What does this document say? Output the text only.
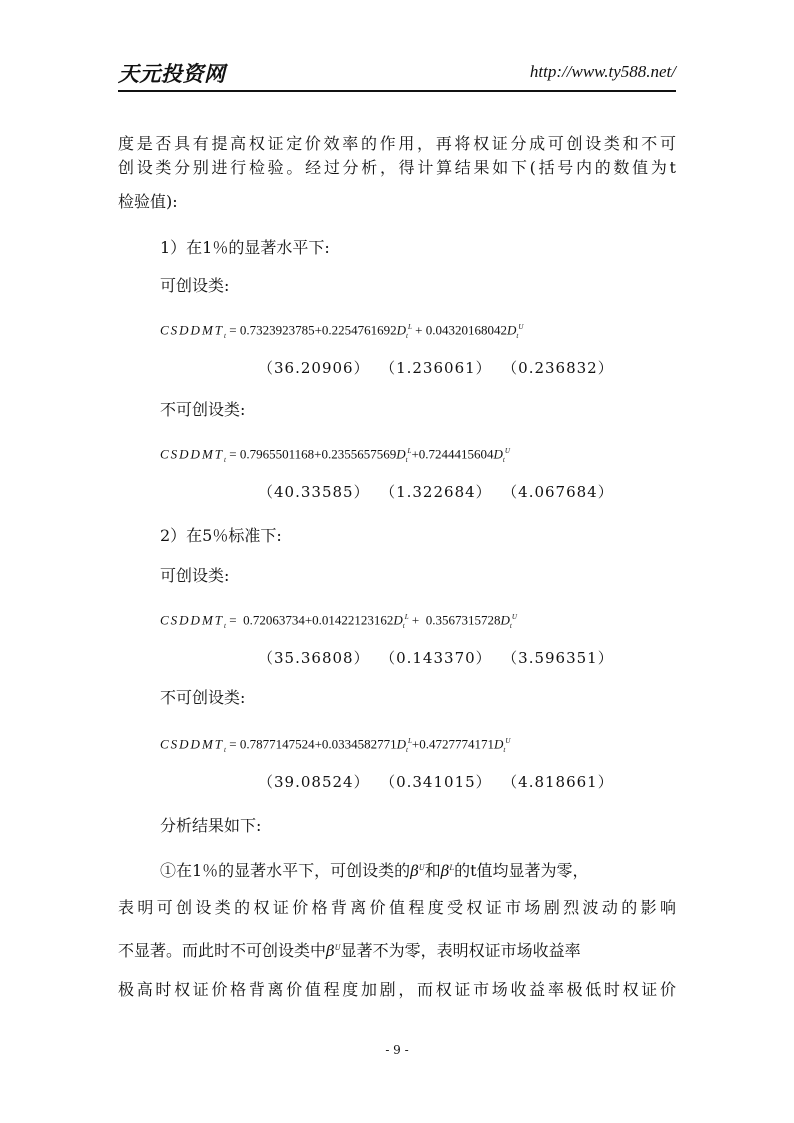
天元投资网	http://www.ty588.net/
度是否具有提高权证定价效率的作用，再将权证分成可创设类和不可
创设类分别进行检验。经过分析，得计算结果如下(括号内的数值为t
检验值):
1）在1％的显著水平下:
可创设类:
$CSDDMT_t = 0.7323923785+0.2254761692D_t^L + 0.04320168042D_t^U$
（36.20906） （1.236061） （0.236832）
不可创设类:
$CSDDMT_t = 0.7965501168+0.2355657569D_t^L+0.7244415604D_t^U$
（40.33585） （1.322684） （4.067684）
2）在5％标准下:
可创设类:
$CSDDMT_t = 0.72063734+0.01422123162D_t^L + 0.3567315728D_t^U$
（35.36808） （0.143370） （3.596351）
不可创设类:
$CSDDMT_t = 0.7877147524+0.0334582771D_t^L+0.4727774171D_t^U$
（39.08524） （0.341015） （4.818661）
分析结果如下:
①在1％的显著水平下，可创设类的$\beta^U$和$\beta^L$的t值均显著为零，
表明可创设类的权证价格背离价值程度受权证市场剧烈波动的影响
不显著。而此时不可创设类中$\beta^U$显著不为零，表明权证市场收益率
极高时权证价格背离价值程度加剧，而权证市场收益率极低时权证价
- 9 -
